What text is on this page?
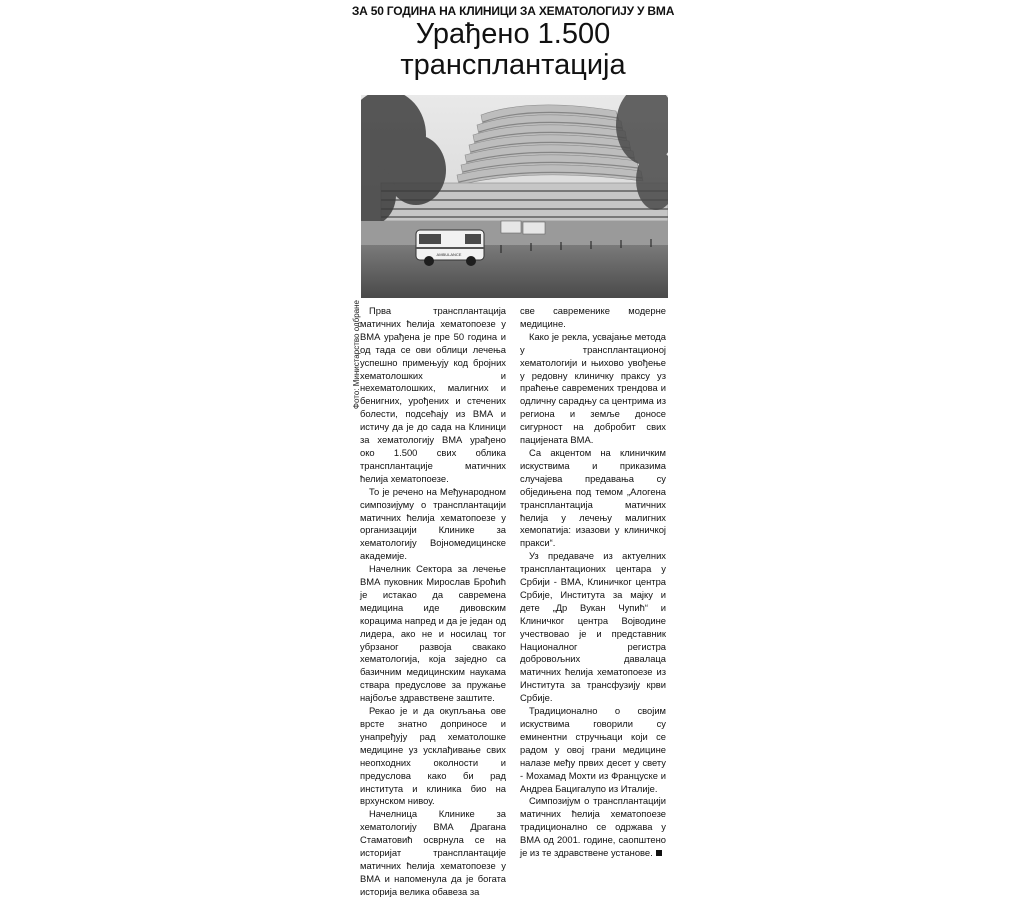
ЗА 50 ГОДИНА НА КЛИНИЦИ ЗА ХЕМАТОЛОГИЈУ У ВМА
Урађено 1.500
трансплантација
AMBULANCE
Фото: Министарство одбране Прва трансплантација матичних ћелија хематопоезе у ВМА урађена је пре 50 година и од тада се ови облици лечења успешно примењују код бројних хематолошких и нехематолошких, малигних и бенигних, урођених и стечених болести, подсећају из ВМА и истичу да је до сада на Клиници за хематологију ВМА урађено око 1.500 свих облика трансплантације матичних ћелија хематопоезе.

То је речено на Међународном симпозијуму о трансплантацији матичних ћелија хематопоезе у организацији Клинике за хематологију Војномедицинске академије.

Начелник Сектора за лечење ВМА пуковник Мирослав Броћић је истакао да савремена медицина иде дивовским корацима напред и да је један од лидера, ако не и носилац тог убрзаног развоја свакако хематологија, која заједно са базичним медицинским наукама ствара предуслове за пружање најбоље здравствене заштите.

Рекао је и да окупљања ове врсте знатно доприносе и унапређују рад хематолошке медицине уз усклађивање свих неопходних околности и предуслова како би рад института и клиника био на врхунском нивоу.

Начелница Клинике за хематологију ВМА Драгана Стаматовић осврнула се на историјат трансплантације матичних ћелија хематопоезе у ВМА и напоменула да је богата историја велика обавеза за

све савременике модерне медицине.

Како је рекла, усвајање метода у трансплантационој хематологији и њихово увођење у редовну клиничку праксу уз праћење савремених трендова и одличну сарадњу са центрима из региона и земље доносе сигурност на добробит свих пацијената ВМА.

Са акцентом на клиничким искуствима и приказима случајева предавања су обједињена под темом „Алогена трансплантација матичних ћелија у лечењу малигних хемопатија: изазови у клиничкој пракси“.

Уз предаваче из актуелних трансплантационих центара у Србији - ВМА, Клиничког центра Србије, Института за мајку и дете „Др Вукан Чупић“ и Клиничког центра Војводине учествовао је и представник Националног регистра добровољних давалаца матичних ћелија хематопоезе из Института за трансфузију крви Србије.

Традиционално о својим искуствима говорили су еминентни стручњаци који се радом у овој грани медицине налазе међу првих десет у свету - Мохамад Мохти из Француске и Андреа Бацигалупо из Италије.

Симпозијум о трансплантацији матичних ћелија хематопоезе традиционално се одржава у ВМА од 2001. године, саопштено је из те здравствене установе.
